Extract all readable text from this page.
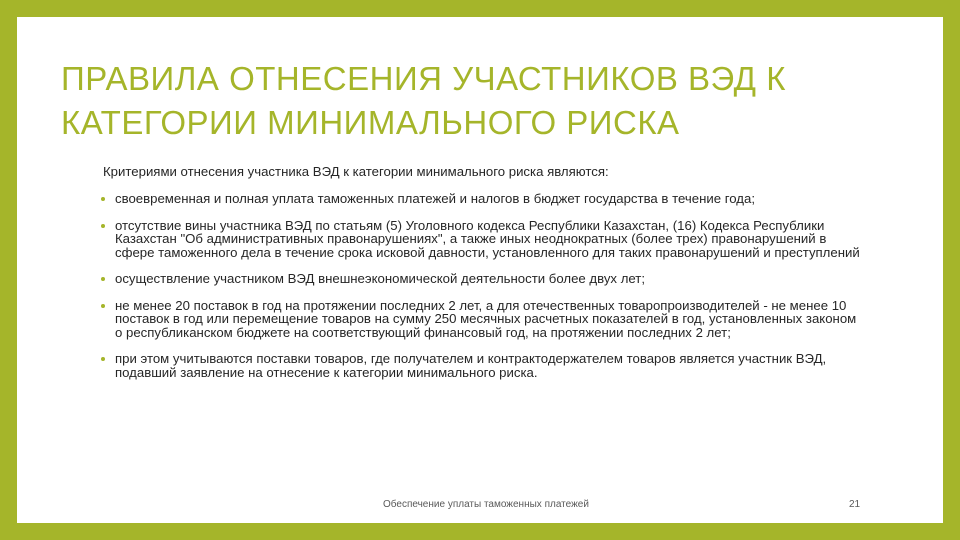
ПРАВИЛА ОТНЕСЕНИЯ УЧАСТНИКОВ ВЭД К КАТЕГОРИИ МИНИМАЛЬНОГО РИСКА
Критериями отнесения участника ВЭД к категории минимального риска являются:
своевременная и полная уплата таможенных платежей и налогов в бюджет государства в течение года;
отсутствие вины участника ВЭД по статьям (5) Уголовного кодекса Республики Казахстан, (16) Кодекса Республики Казахстан "Об административных правонарушениях", а также иных неоднократных (более трех) правонарушений в сфере таможенного дела в течение срока исковой давности, установленного для таких правонарушений и преступлений
осуществление участником ВЭД внешнеэкономической деятельности более двух лет;
не менее 20 поставок в год на протяжении последних 2 лет, а для отечественных товаропроизводителей - не менее 10 поставок в год или перемещение товаров на сумму 250 месячных расчетных показателей в год, установленных законом о республиканском бюджете на соответствующий финансовый год, на протяжении последних 2 лет;
при этом учитываются поставки товаров, где получателем и контрактодержателем товаров является участник ВЭД, подавший заявление на отнесение к категории минимального риска.
Обеспечение уплаты таможенных платежей	21
